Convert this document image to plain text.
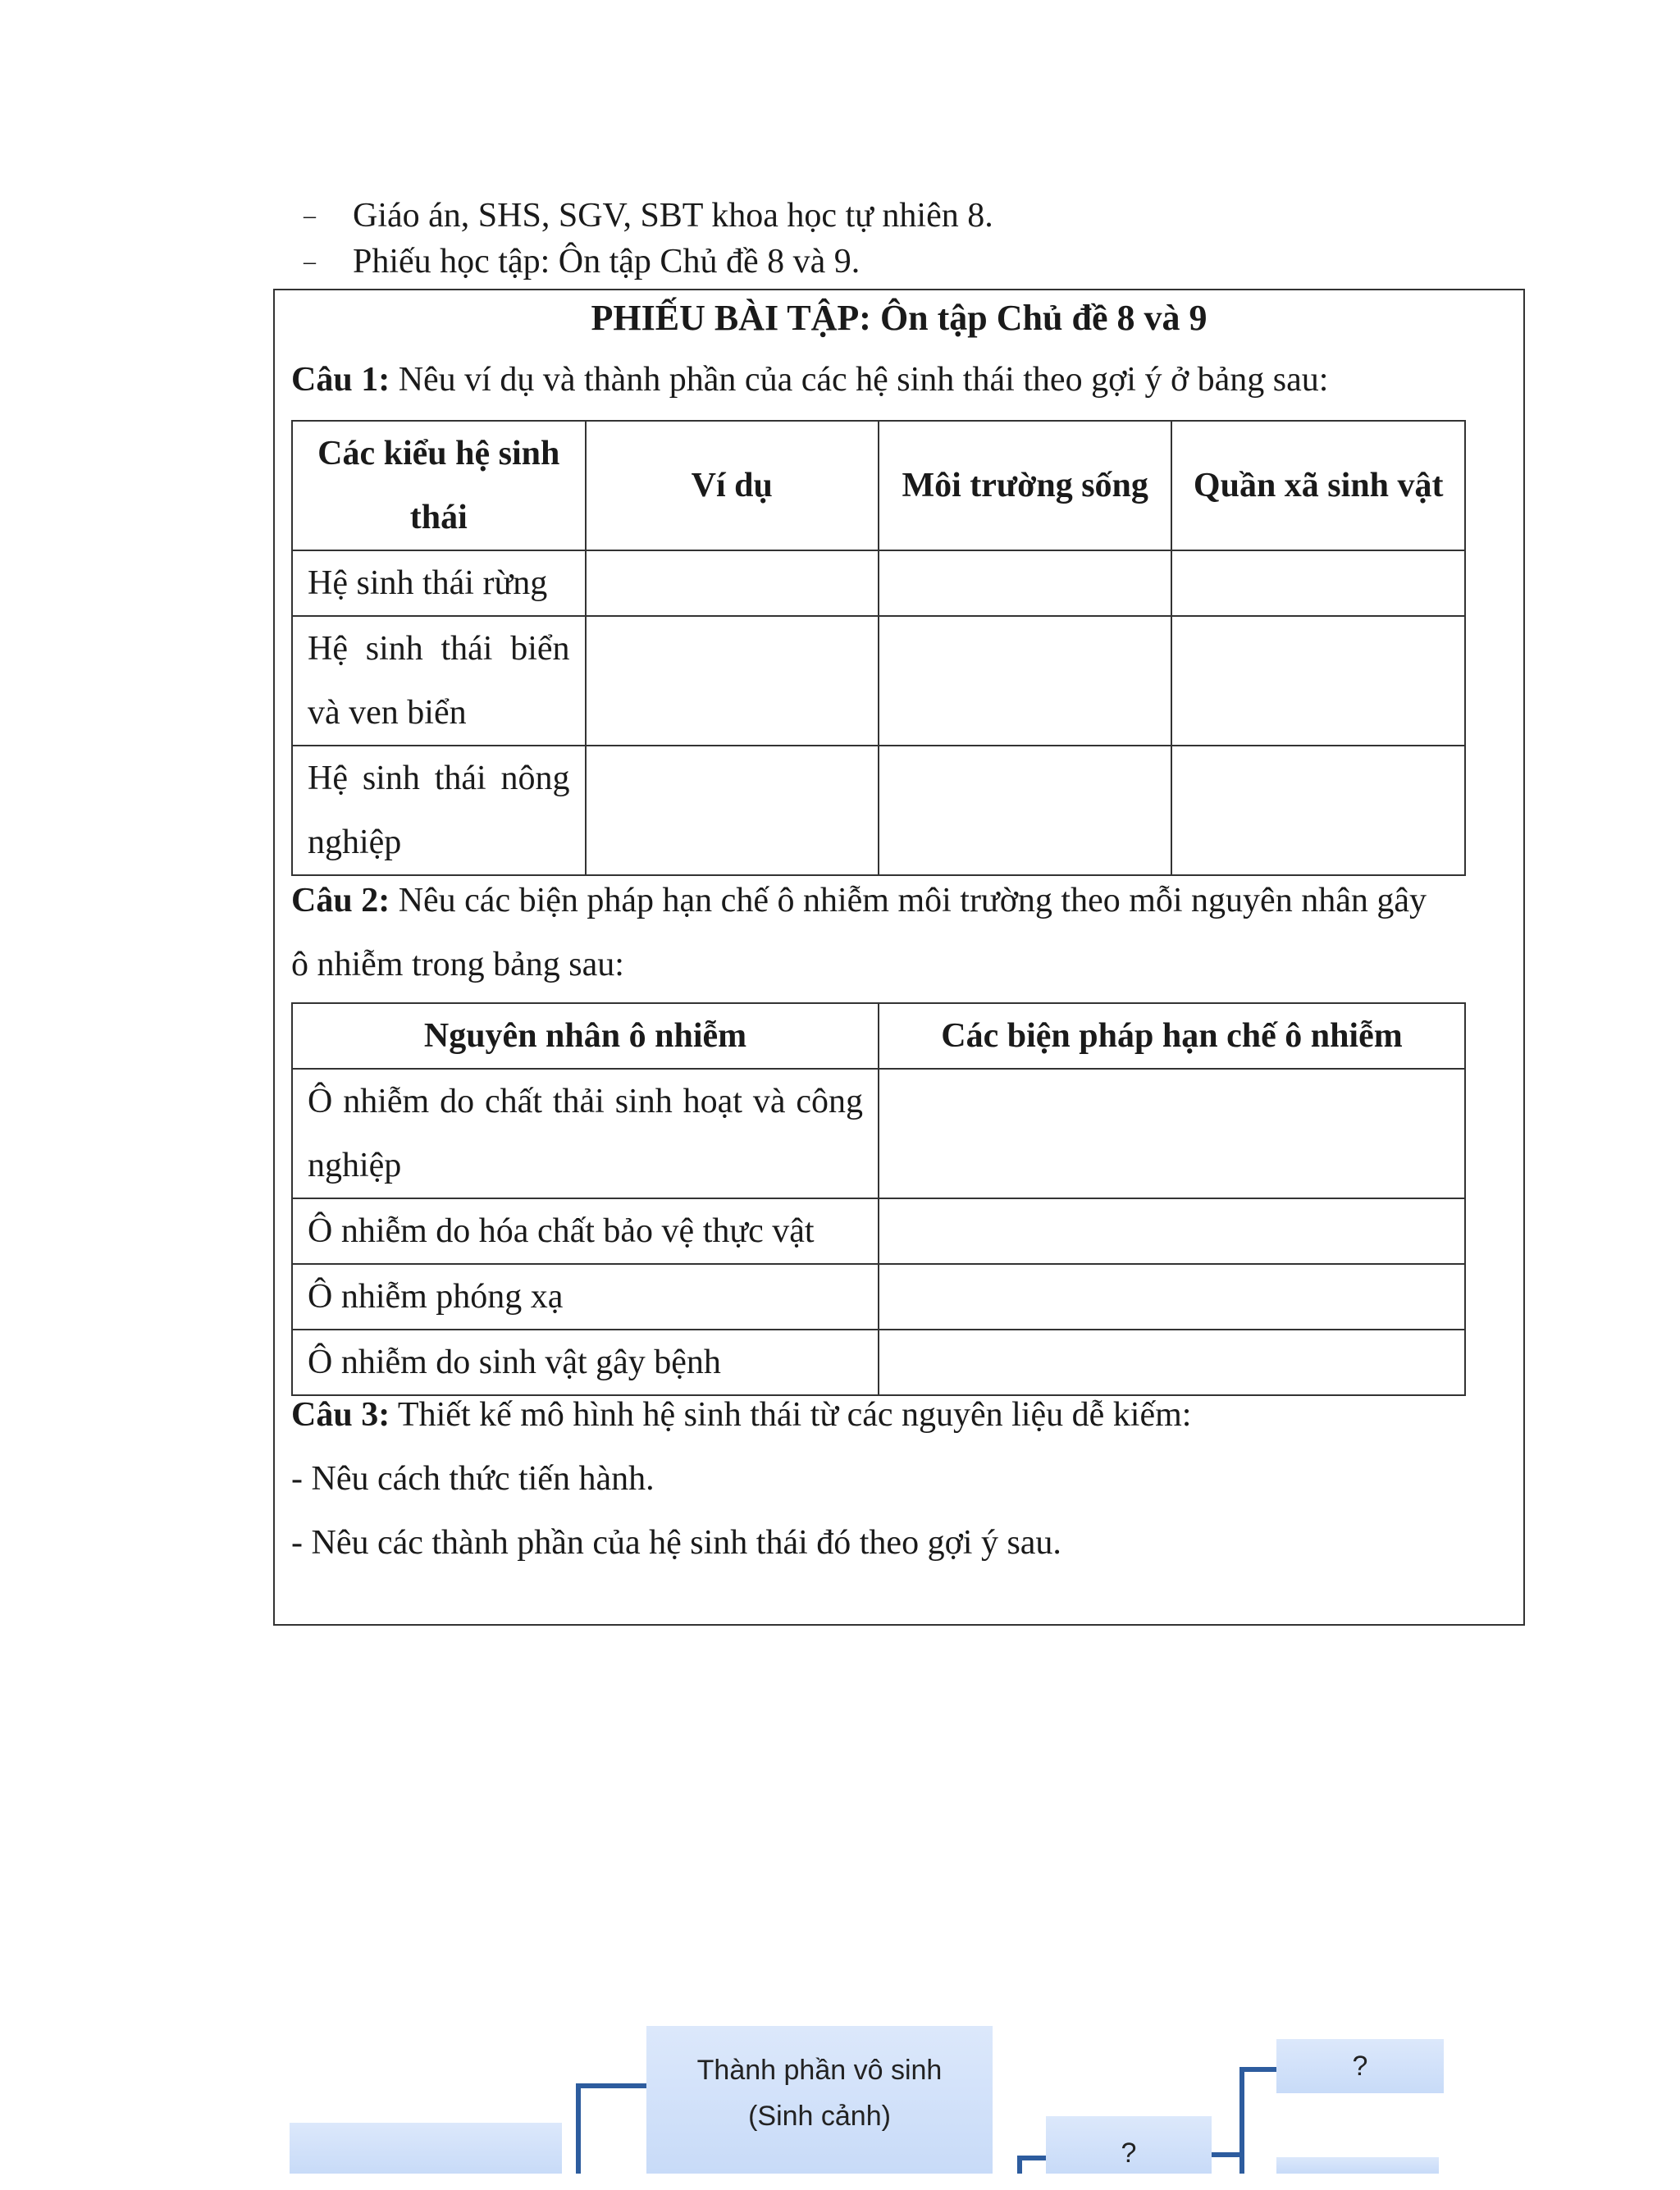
– Giáo án, SHS, SGV, SBT khoa học tự nhiên 8.
– Phiếu học tập: Ôn tập Chủ đề 8 và 9.
PHIẾU BÀI TẬP: Ôn tập Chủ đề 8 và 9
Câu 1: Nêu ví dụ và thành phần của các hệ sinh thái theo gợi ý ở bảng sau:
Các kiểu hệ sinh thái	Ví dụ	Môi trường sống	Quần xã sinh vật
Hệ sinh thái rừng			
Hệ sinh thái biển và ven biển			
Hệ sinh thái nông nghiệp			
Câu 2: Nêu các biện pháp hạn chế ô nhiễm môi trường theo mỗi nguyên nhân gây
ô nhiễm trong bảng sau:
Nguyên nhân ô nhiễm	Các biện pháp hạn chế ô nhiễm
Ô nhiễm do chất thải sinh hoạt và công nghiệp	
Ô nhiễm do hóa chất bảo vệ thực vật	
Ô nhiễm phóng xạ	
Ô nhiễm do sinh vật gây bệnh	
Câu 3: Thiết kế mô hình hệ sinh thái từ các nguyên liệu dễ kiếm:
- Nêu cách thức tiến hành.
- Nêu các thành phần của hệ sinh thái đó theo gợi ý sau.
Thành phần vô sinh
(Sinh cảnh)
?
?
